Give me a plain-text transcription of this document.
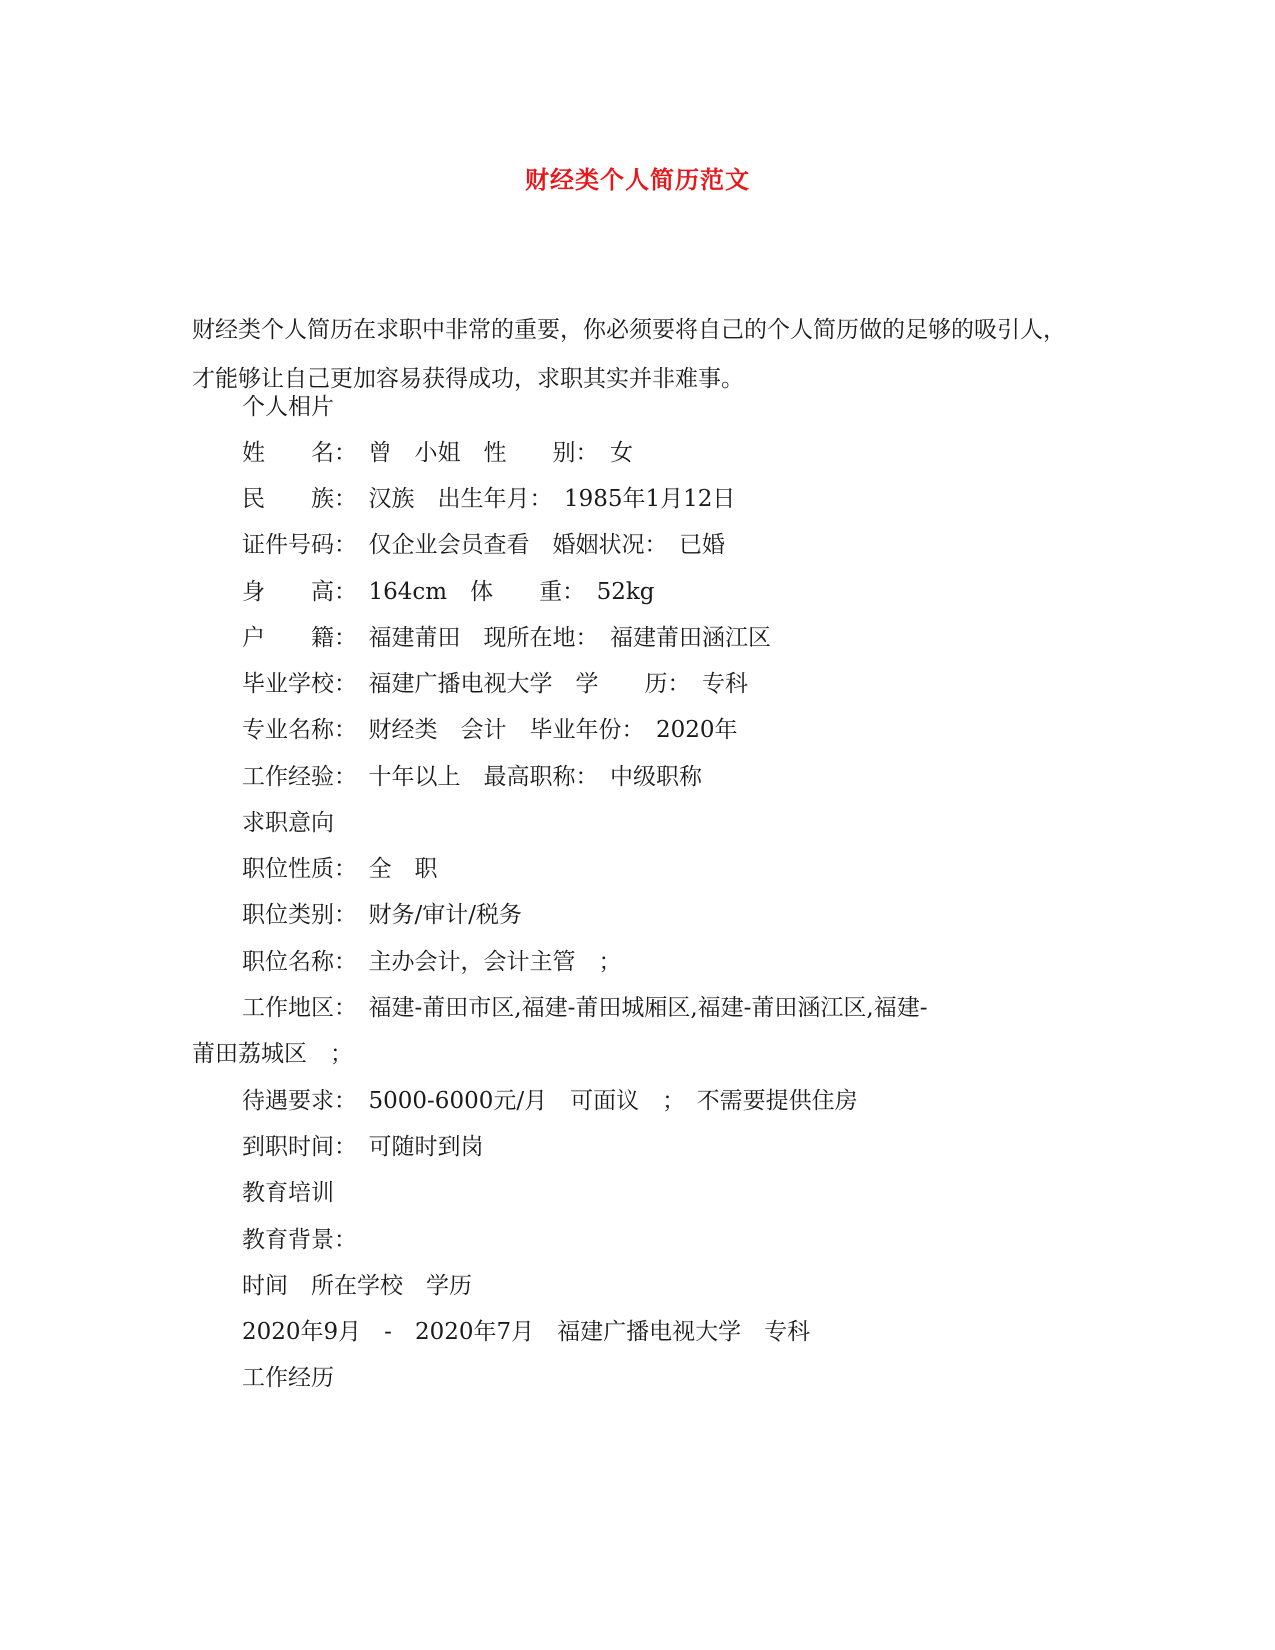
财经类个人简历范文

财经类个人简历在求职中非常的重要，你必须要将自己的个人简历做的足够的吸引人，才能够让自己更加容易获得成功，求职其实并非难事。

个人相片
姓　　名：　曾　小姐　性　　别：　女
民　　族：　汉族　出生年月：　1985年1月12日
证件号码：　仅企业会员查看　婚姻状况：　已婚
身　　高：　164cm　体　　重：　52kg
户　　籍：　福建莆田　现所在地：　福建莆田涵江区
毕业学校：　福建广播电视大学　学　　历：　专科
专业名称：　财经类　会计　毕业年份：　2020年
工作经验：　十年以上　最高职称：　中级职称
求职意向
职位性质：　全　职
职位类别：　财务/审计/税务
职位名称：　主办会计，会计主管　；
工作地区：　福建-莆田市区,福建-莆田城厢区,福建-莆田涵江区,福建-
莆田荔城区　；
待遇要求：　5000-6000元/月　可面议　；　不需要提供住房
到职时间：　可随时到岗
教育培训
教育背景：
时间　所在学校　学历
2020年9月　-　2020年7月　福建广播电视大学　专科
工作经历
